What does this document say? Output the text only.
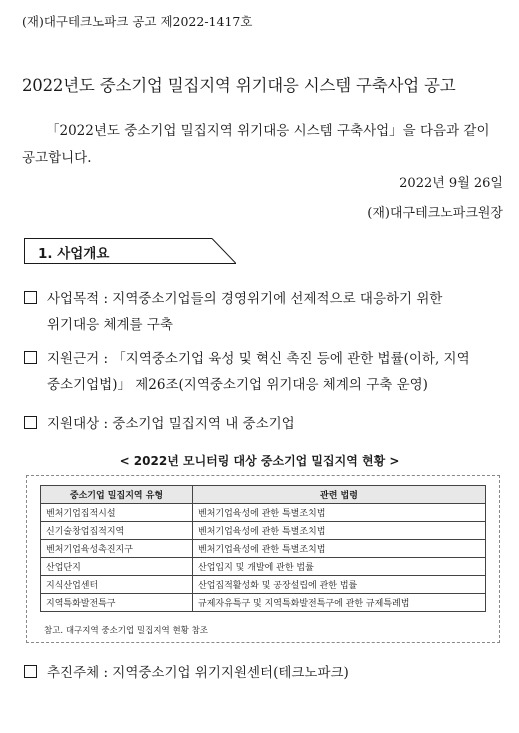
(재)대구테크노파크 공고 제2022-1417호
2022년도 중소기업 밀집지역 위기대응 시스템 구축사업 공고
「2022년도 중소기업 밀집지역 위기대응 시스템 구축사업」을 다음과 같이 공고합니다.
2022년 9월 26일
(재)대구테크노파크원장
1. 사업개요
사업목적 : 지역중소기업들의 경영위기에 선제적으로 대응하기 위한
위기대응 체계를 구축
지원근거 : 「지역중소기업 육성 및 혁신 촉진 등에 관한 법률(이하, 지역
중소기업법)」 제26조(지역중소기업 위기대응 체계의 구축 운영)
지원대상 : 중소기업 밀집지역 내 중소기업
< 2022년 모니터링 대상 중소기업 밀집지역 현황 >
중소기업 밀집지역 유형	관련 법령
벤처기업집적시설	벤처기업육성에 관한 특별조치법
신기술창업집적지역	벤처기업육성에 관한 특별조치법
벤처기업육성촉진지구	벤처기업육성에 관한 특별조치법
산업단지	산업입지 및 개발에 관한 법률
지식산업센터	산업집적활성화 및 공장설립에 관한 법률
지역특화발전특구	규제자유특구 및 지역특화발전특구에 관한 규제특례법
참고. 대구지역 중소기업 밀집지역 현황 참조
추진주체 : 지역중소기업 위기지원센터(테크노파크)
